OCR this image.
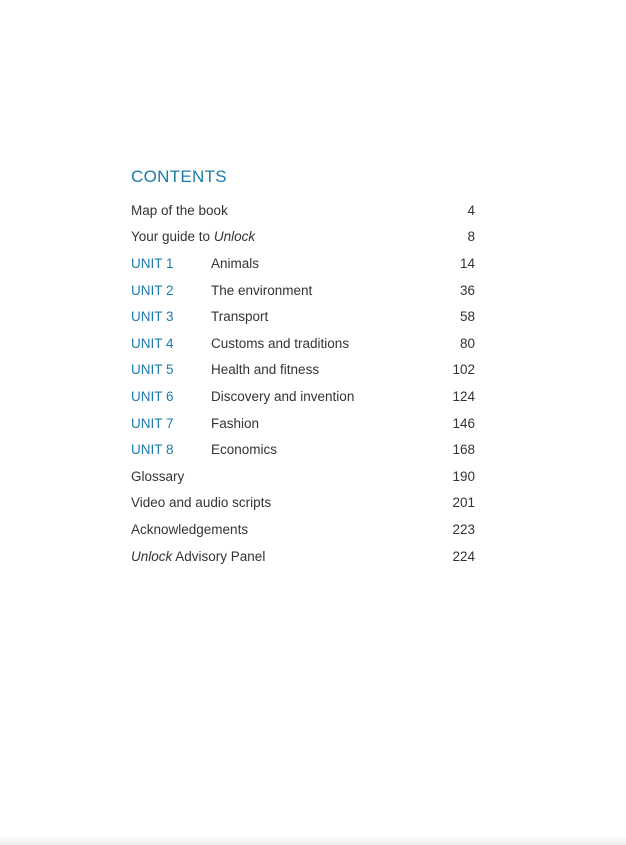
CONTENTS
Map of the book	4
Your guide to Unlock	8
UNIT 1	Animals	14
UNIT 2	The environment	36
UNIT 3	Transport	58
UNIT 4	Customs and traditions	80
UNIT 5	Health and fitness	102
UNIT 6	Discovery and invention	124
UNIT 7	Fashion	146
UNIT 8	Economics	168
Glossary	190
Video and audio scripts	201
Acknowledgements	223
Unlock Advisory Panel	224
